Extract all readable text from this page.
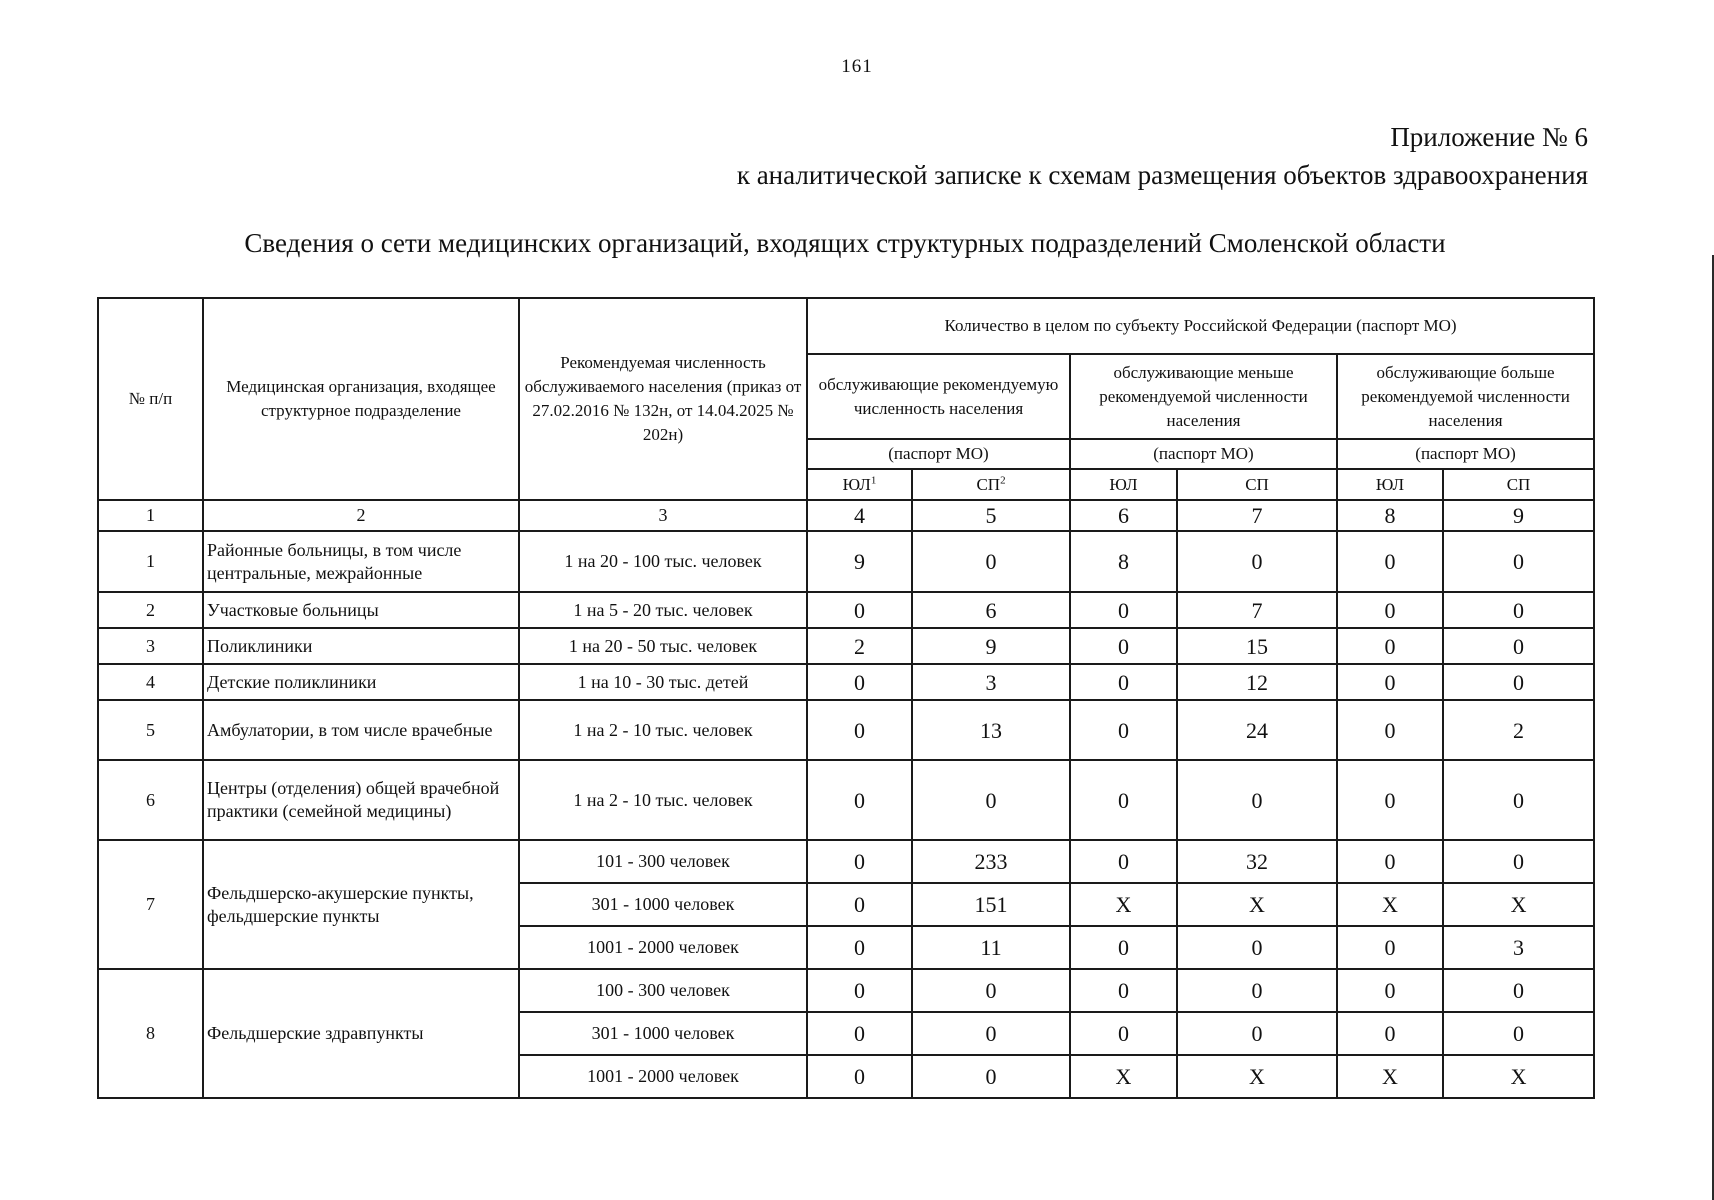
161
Приложение № 6
к аналитической записке к схемам размещения объектов здравоохранения
Сведения о сети медицинских организаций, входящих структурных подразделений Смоленской области
№ п/п	Медицинская организация, входящее структурное подразделение	Рекомендуемая численность обслуживаемого населения (приказ от 27.02.2016 № 132н, от 14.04.2025 № 202н)	Количество в целом по субъекту Российской Федерации (паспорт МО)					
			обслуживающие рекомендуемую численность населения		обслуживающие меньше рекомендуемой численности населения		обслуживающие больше рекомендуемой численности населения	
			(паспорт МО)		(паспорт МО)		(паспорт МО)	
			$ЮЛ^1$	$СП^2$	ЮЛ	СП	ЮЛ	СП
1	2	3	4	5	6	7	8	9
1	Районные больницы, в том числе центральные, межрайонные	1 на 20 - 100 тыс. человек	9	0	8	0	0	0
2	Участковые больницы	1 на 5 - 20 тыс. человек	0	6	0	7	0	0
3	Поликлиники	1 на 20 - 50 тыс. человек	2	9	0	15	0	0
4	Детские поликлиники	1 на 10 - 30 тыс. детей	0	3	0	12	0	0
5	Амбулатории, в том числе врачебные	1 на 2 - 10 тыс. человек	0	13	0	24	0	2
6	Центры (отделения) общей врачебной практики (семейной медицины)	1 на 2 - 10 тыс. человек	0	0	0	0	0	0
7	Фельдшерско-акушерские пункты, фельдшерские пункты	101 - 300 человек	0	233	0	32	0	0
		301 - 1000 человек	0	151	X	X	X	X
		1001 - 2000 человек	0	11	0	0	0	3
8	Фельдшерские здравпункты	100 - 300 человек	0	0	0	0	0	0
		301 - 1000 человек	0	0	0	0	0	0
		1001 - 2000 человек	0	0	X	X	X	X
